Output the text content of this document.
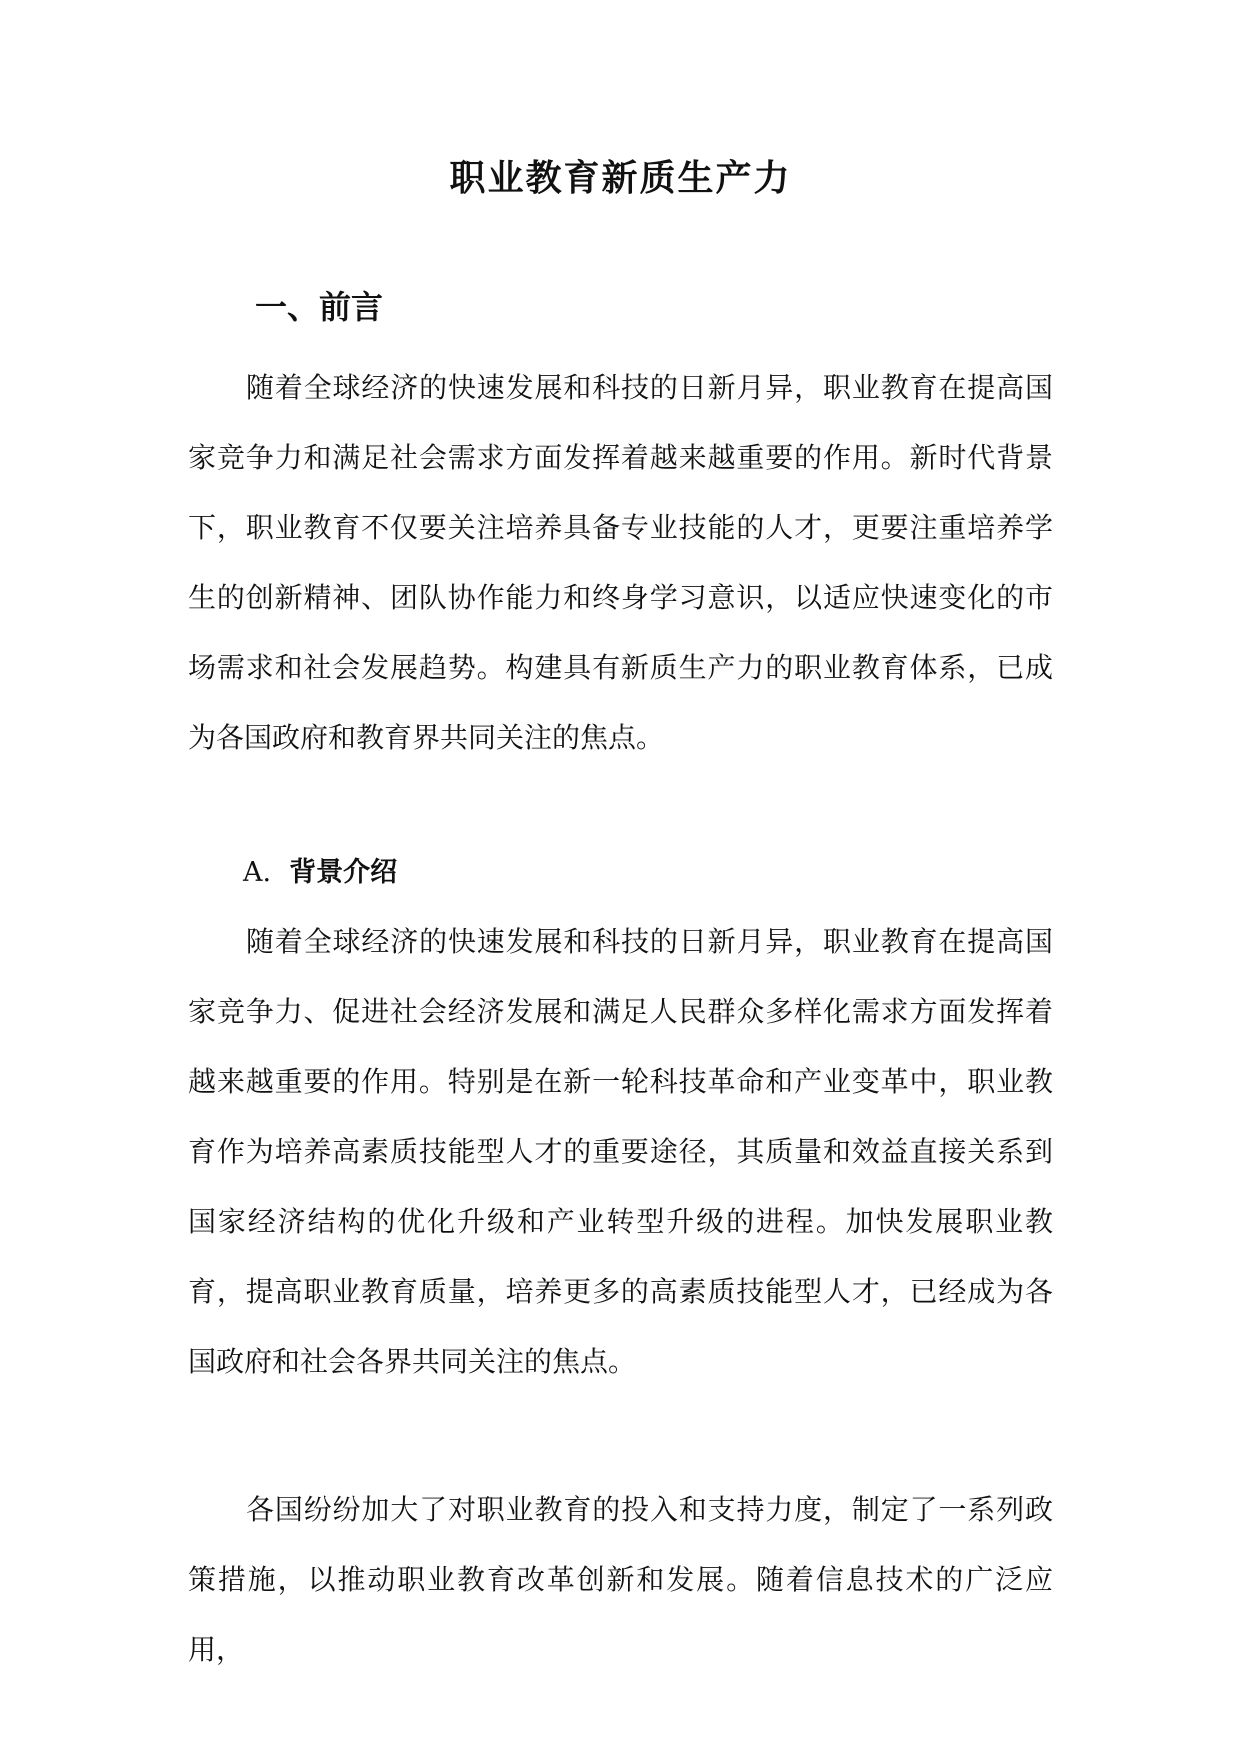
职业教育新质生产力
一、前言

随着全球经济的快速发展和科技的日新月异，职业教育在提高国家竞争力和满足社会需求方面发挥着越来越重要的作用。新时代背景下，职业教育不仅要关注培养具备专业技能的人才，更要注重培养学生的创新精神、团队协作能力和终身学习意识，以适应快速变化的市场需求和社会发展趋势。构建具有新质生产力的职业教育体系，已成为各国政府和教育界共同关注的焦点。

A. 背景介绍

随着全球经济的快速发展和科技的日新月异，职业教育在提高国家竞争力、促进社会经济发展和满足人民群众多样化需求方面发挥着越来越重要的作用。特别是在新一轮科技革命和产业变革中，职业教育作为培养高素质技能型人才的重要途径，其质量和效益直接关系到国家经济结构的优化升级和产业转型升级的进程。加快发展职业教育，提高职业教育质量，培养更多的高素质技能型人才，已经成为各国政府和社会各界共同关注的焦点。

各国纷纷加大了对职业教育的投入和支持力度，制定了一系列政策措施，以推动职业教育改革创新和发展。随着信息技术的广泛应用，
